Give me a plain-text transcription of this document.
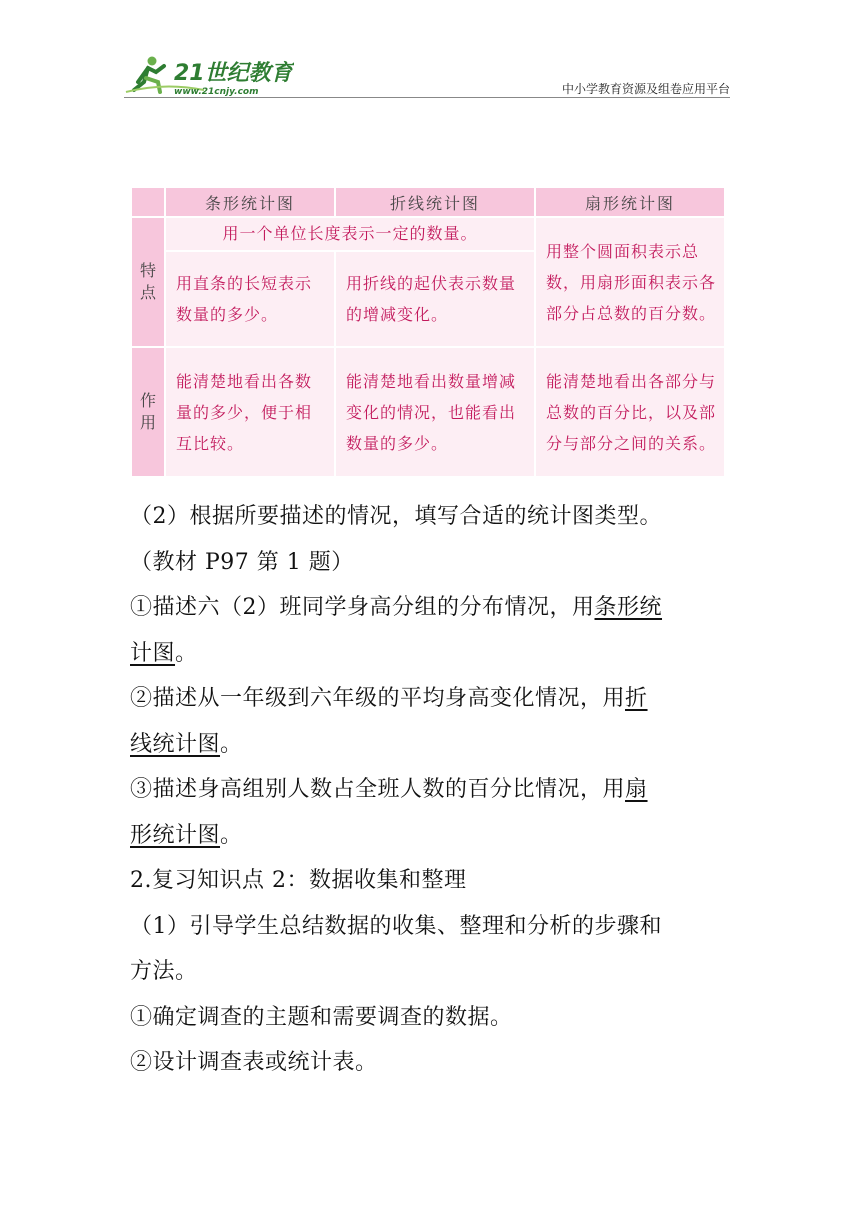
21世纪教育
www.21cnjy.com	中小学教育资源及组卷应用平台
	条形统计图	折线统计图	扇形统计图
特点	用一个单位长度表示一定的数量。		用整个圆面积表示总数，用扇形面积表示各部分占总数的百分数。
	用直条的长短表示数量的多少。	用折线的起伏表示数量的增减变化。	
作用	能清楚地看出各数量的多少，便于相互比较。	能清楚地看出数量增减变化的情况，也能看出数量的多少。	能清楚地看出各部分与总数的百分比，以及部分与部分之间的关系。

（2）根据所要描述的情况，填写合适的统计图类型。

（教材 P97 第 1 题）

①描述六（2）班同学身高分组的分布情况，用条形统

计图。

②描述从一年级到六年级的平均身高变化情况，用折

线统计图。

③描述身高组别人数占全班人数的百分比情况，用扇

形统计图。

2.复习知识点 2：数据收集和整理

（1）引导学生总结数据的收集、整理和分析的步骤和

方法。

①确定调查的主题和需要调查的数据。

②设计调查表或统计表。
